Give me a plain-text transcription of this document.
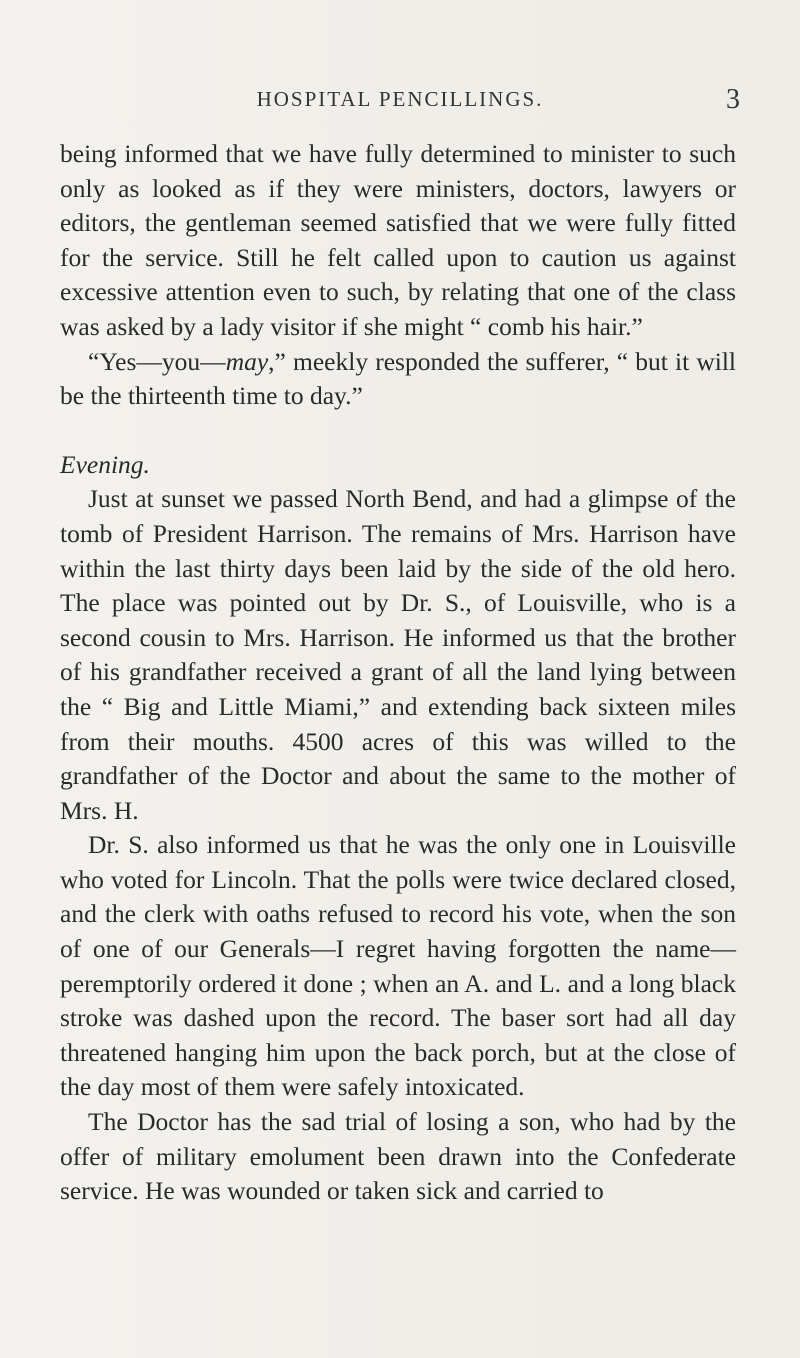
HOSPITAL PENCILLINGS.	3

being informed that we have fully determined to minister to such only as looked as if they were ministers, doctors, lawyers or editors, the gentleman seemed satisfied that we were fully fitted for the service. Still he felt called upon to caution us against excessive attention even to such, by relating that one of the class was asked by a lady visitor if she might “ comb his hair.”

“Yes—you—may,” meekly responded the sufferer, “ but it will be the thirteenth time to day.”

Evening.

Just at sunset we passed North Bend, and had a glimpse of the tomb of President Harrison. The remains of Mrs. Harrison have within the last thirty days been laid by the side of the old hero. The place was pointed out by Dr. S., of Louisville, who is a second cousin to Mrs. Harrison. He informed us that the brother of his grandfather received a grant of all the land lying between the “ Big and Little Miami,” and extending back sixteen miles from their mouths. 4500 acres of this was willed to the grandfather of the Doctor and about the same to the mother of Mrs. H.

Dr. S. also informed us that he was the only one in Louisville who voted for Lincoln. That the polls were twice declared closed, and the clerk with oaths refused to record his vote, when the son of one of our Generals—I regret having forgotten the name—peremptorily ordered it done ; when an A. and L. and a long black stroke was dashed upon the record. The baser sort had all day threatened hanging him upon the back porch, but at the close of the day most of them were safely intoxicated.

The Doctor has the sad trial of losing a son, who had by the offer of military emolument been drawn into the Confederate service. He was wounded or taken sick and carried to
